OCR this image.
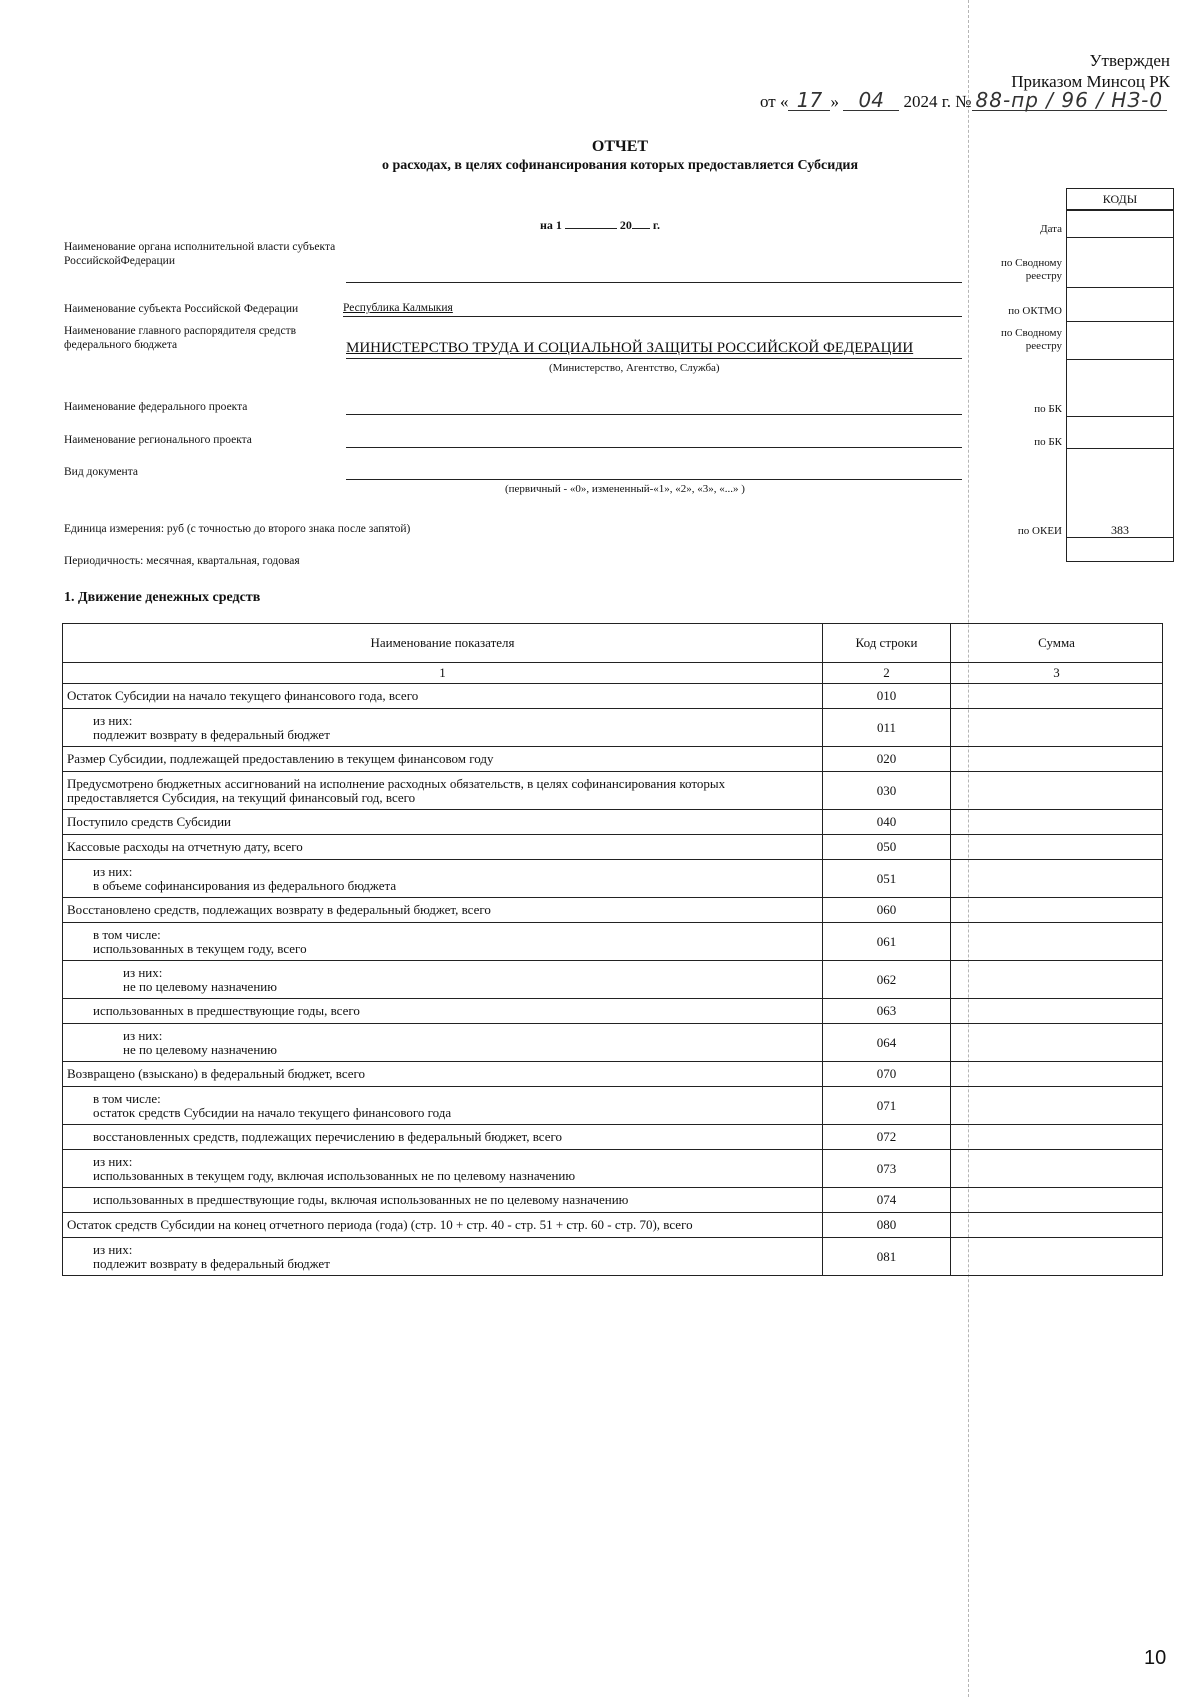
Утвержден
Приказом Минсоц РК
от « 17 » 04 2024 г. № 88-пр / 96 / НЗ-0
ОТЧЕТ
о расходах, в целях софинансирования которых предоставляется Субсидия
на 1	20 г.
Наименование органа исполнительной власти субъекта РоссийскойФедерации
Наименование субъекта Российской Федерации	Республика Калмыкия
Наименование главного распорядителя средств федерального бюджета	МИНИСТЕРСТВО ТРУДА И СОЦИАЛЬНОЙ ЗАЩИТЫ РОССИЙСКОЙ ФЕДЕРАЦИИ
(Министерство, Агентство, Служба)
Наименование федерального проекта
Наименование регионального проекта
Вид документа
(первичный - «0», измененный-«1», «2», «3», «...» )
Единица измерения: руб (с точностью до второго знака после запятой)
Периодичность: месячная, квартальная, годовая
КОДЫ
Дата
по Сводному реестру
по ОКТМО
по Сводному реестру
по БК
по БК
по ОКЕИ	383
1. Движение денежных средств
Наименование показателя	Код строки	Сумма
1	2	3
Остаток Субсидии на начало текущего финансового года, всего	010	

из них:
подлежит возврату в федеральный бюджет	011	
Размер Субсидии, подлежащей предоставлению в текущем финансовом году	020	
Предусмотрено бюджетных ассигнований на исполнение расходных обязательств, в целях софинансирования которых предоставляется Субсидия, на текущий финансовый год, всего	030	
Поступило средств Субсидии	040	
Кассовые расходы на отчетную дату, всего	050	

из них:
в объеме софинансирования из федерального бюджета	051	
Восстановлено средств, подлежащих возврату в федеральный бюджет, всего	060	

в том числе:
использованных в текущем году, всего	061	

из них:
не по целевому назначению	062	
использованных в предшествующие годы, всего	063	

из них:
не по целевому назначению	064	
Возвращено (взыскано) в федеральный бюджет, всего	070	

в том числе:
остаток средств Субсидии на начало текущего финансового года	071	
восстановленных средств, подлежащих перечислению в федеральный бюджет, всего	072	

из них:
использованных в текущем году, включая использованных не по целевому назначению	073	
использованных в предшествующие годы, включая использованных не по целевому назначению	074	
Остаток средств Субсидии на конец отчетного периода (года) (стр. 10 + стр. 40 - стр. 51 + стр. 60 - стр. 70), всего	080	

из них:
подлежит возврату в федеральный бюджет	081	
10
